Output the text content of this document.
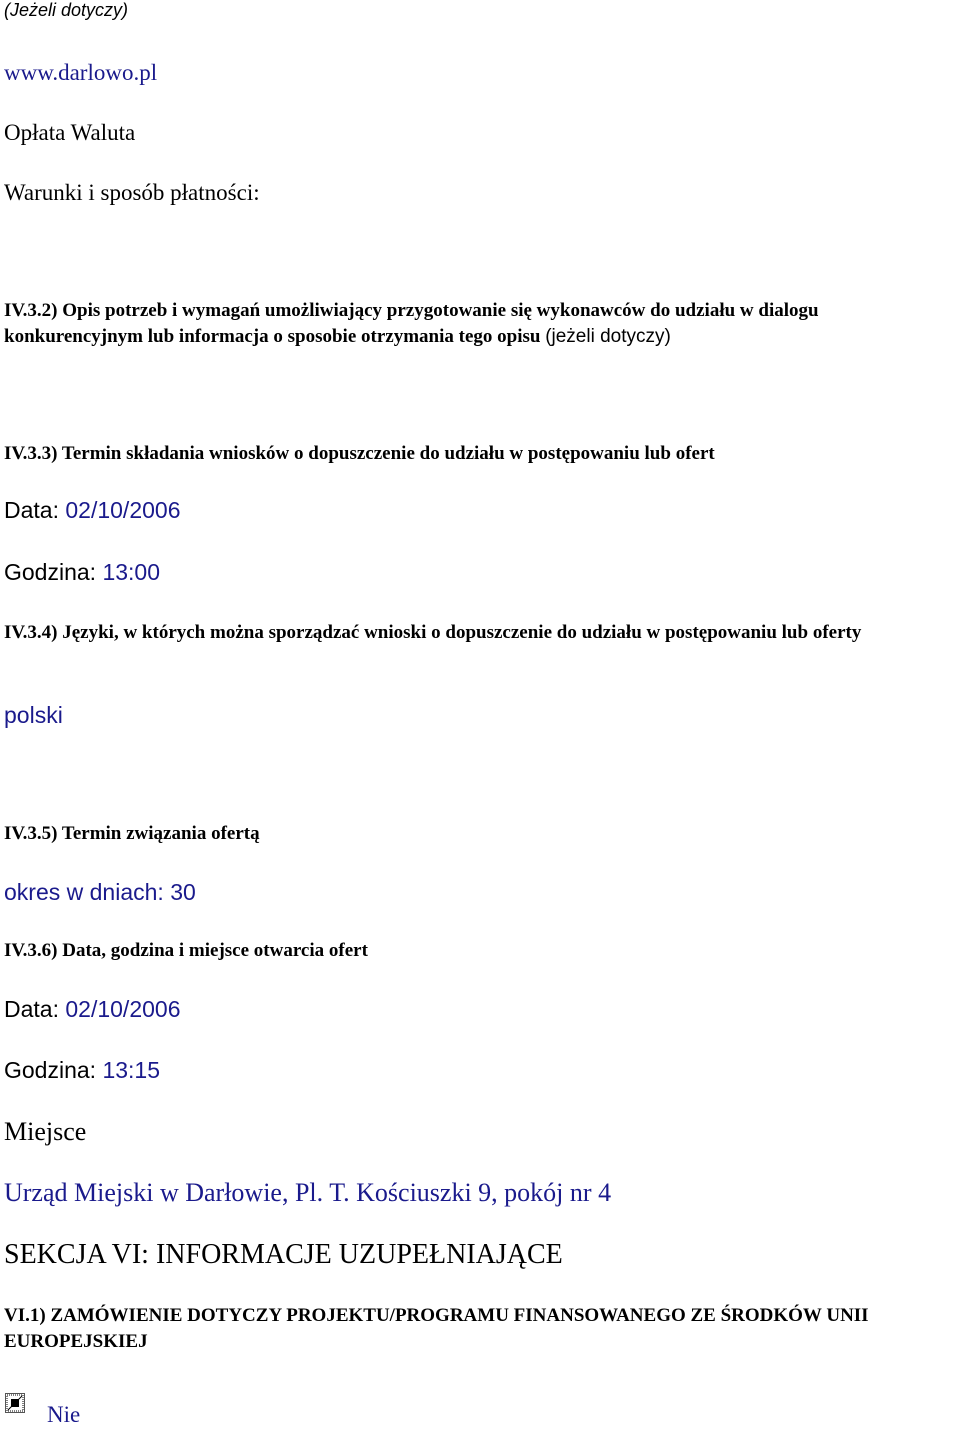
(Jeżeli dotyczy)
www.darlowo.pl
Opłata Waluta
Warunki i sposób płatności:
IV.3.2) Opis potrzeb i wymagań umożliwiający przygotowanie się wykonawców do udziału w dialogu konkurencyjnym lub informacja o sposobie otrzymania tego opisu (jeżeli dotyczy)
IV.3.3) Termin składania wniosków o dopuszczenie do udziału w postępowaniu lub ofert
Data: 02/10/2006
Godzina: 13:00
IV.3.4) Języki, w których można sporządzać wnioski o dopuszczenie do udziału w postępowaniu lub oferty
polski
IV.3.5) Termin związania ofertą
okres w dniach: 30
IV.3.6) Data, godzina i miejsce otwarcia ofert
Data: 02/10/2006
Godzina: 13:15
Miejsce
Urząd Miejski w Darłowie, Pl. T. Kościuszki 9, pokój nr 4
SEKCJA VI: INFORMACJE UZUPEŁNIAJĄCE
VI.1) ZAMÓWIENIE DOTYCZY PROJEKTU/PROGRAMU FINANSOWANEGO ZE ŚRODKÓW UNII EUROPEJSKIEJ
Nie
